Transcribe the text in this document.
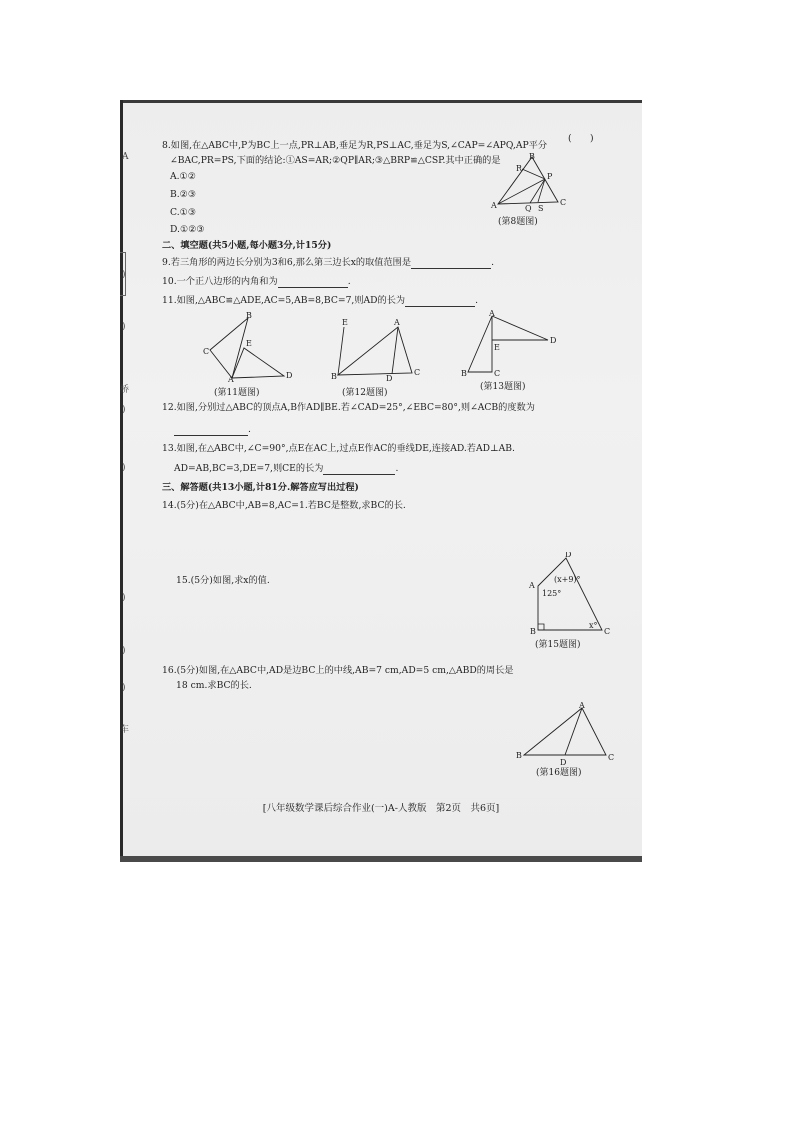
A
)
)
桥
)
)
)
)
)
车
8.如图,在△ABC中,P为BC上一点,PR⊥AB,垂足为R,PS⊥AC,垂足为S,∠CAP=∠APQ,AP平分
∠BAC,PR=PS,下面的结论:①AS=AR;②QP∥AR;③△BRP≌△CSP.其中正确的是
(　　)
A.①②
B.②③
C.①③
D.①②③
B
R
P
A	Q S
C
(第8题图)
二、填空题(共5小题,每小题3分,计15分)
9.若三角形的两边长分别为3和6,那么第三边长x的取值范围是	.
10.一个正八边形的内角和为	.
11.如图,△ABC≌△ADE,AC=5,AB=8,BC=7,则AD的长为	.
B
C
E
A	D
(第11题图)
E	A
B	D
C
(第12题图)
A
D
E
B	C
(第13题图)
12.如图,分别过△ABC的顶点A,B作AD∥BE.若∠CAD=25°,∠EBC=80°,则∠ACB的度数为
.
13.如图,在△ABC中,∠C=90°,点E在AC上,过点E作AC的垂线DE,连接AD.若AD⊥AB.
AD=AB,BC=3,DE=7,则CE的长为	.
三、解答题(共13小题,计81分.解答应写出过程)
14.(5分)在△ABC中,AB=8,AC=1.若BC是整数,求BC的长.
15.(5分)如图,求x的值.
D
A
B	C
(x+9)°
125°
x°
(第15题图)
16.(5分)如图,在△ABC中,AD是边BC上的中线,AB=7 cm,AD=5 cm,△ABD的周长是
18 cm.求BC的长.
A
B
D
C
(第16题图)
[八年级数学课后综合作业(一)A-人教版　第2页　共6页]
